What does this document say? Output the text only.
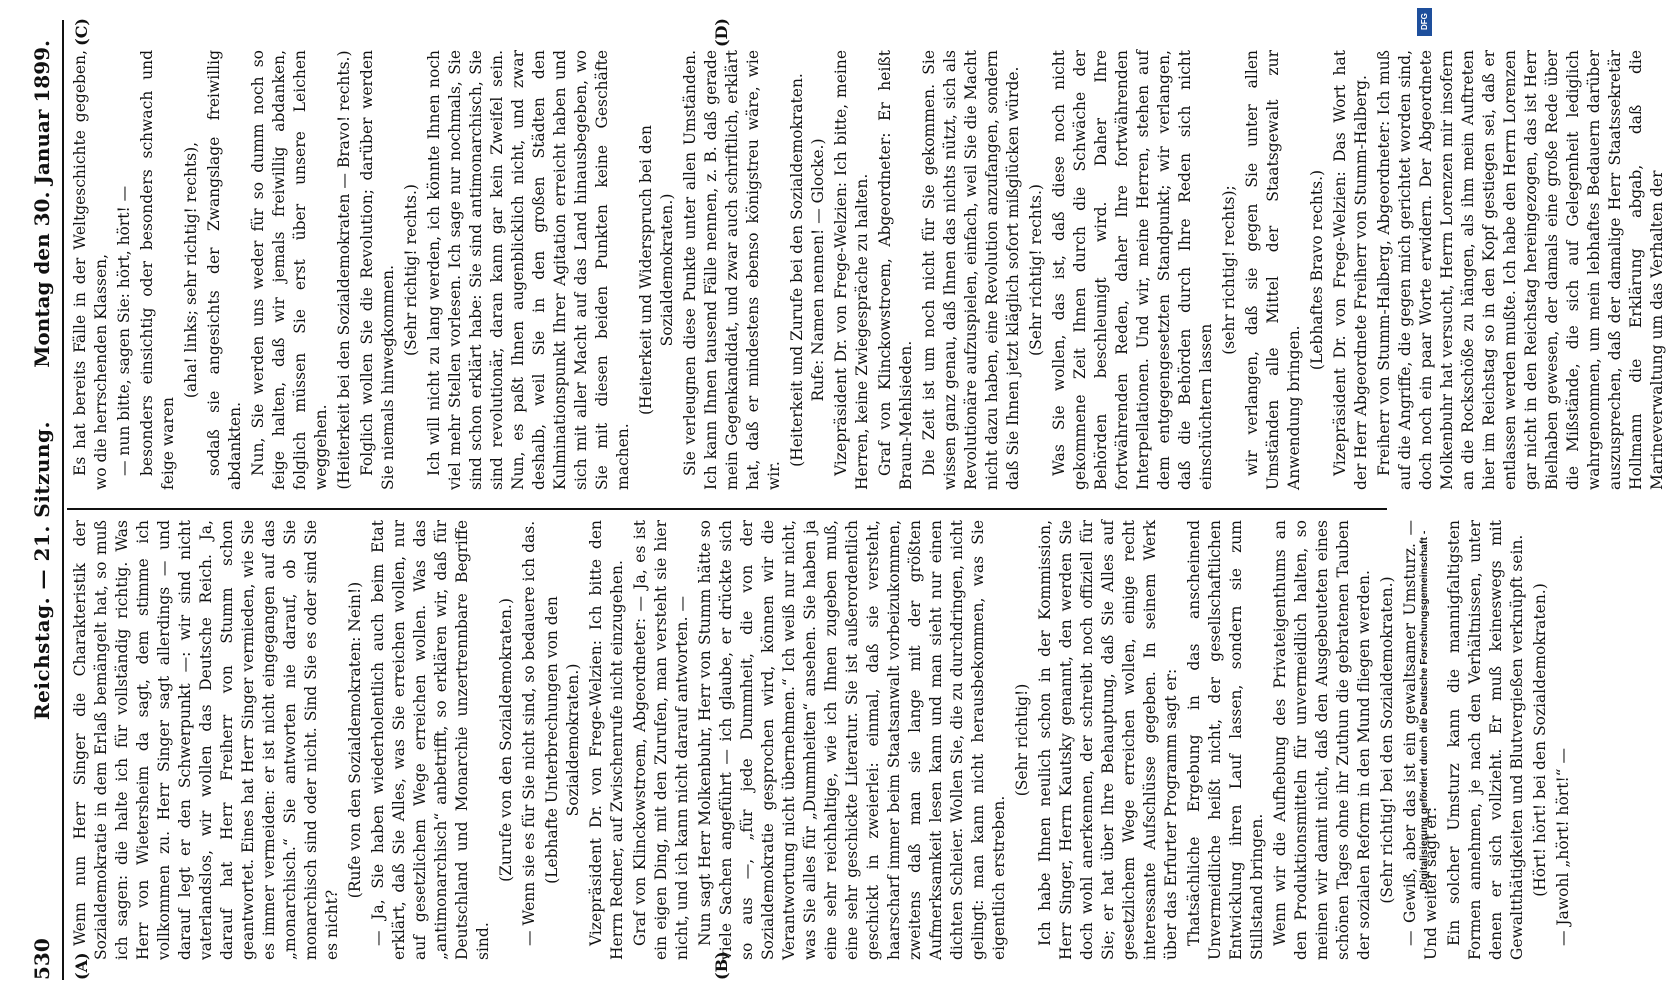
530
Reichstag. — 21. Sitzung.
Montag den 30. Januar 1899.
(A)	(B)
(C)	(D)

Wenn nun Herr Singer die Charakteristik der Sozialdemokratie in dem Erlaß bemängelt hat, so muß ich sagen: die halte ich für vollständig richtig. Was Herr von Wietersheim da sagt, dem stimme ich vollkommen zu. Herr Singer sagt allerdings — und darauf legt er den Schwerpunkt —: wir sind nicht vaterlandslos, wir wollen das Deutsche Reich. Ja, darauf hat Herr Freiherr von Stumm schon geantwortet. Eines hat Herr Singer vermieden, wie Sie es immer vermeiden: er ist nicht eingegangen auf das „monarchisch.“ Sie antworten nie darauf, ob Sie monarchisch sind oder nicht. Sind Sie es oder sind Sie es nicht?

(Rufe von den Sozialdemokraten: Nein!) — Ja, Sie haben wiederholentlich auch beim Etat erklärt, daß Sie Alles, was Sie erreichen wollen, nur auf gesetzlichem Wege erreichen wollen. Was das „antimonarchisch“ anbetrifft, so erklären wir, daß für Deutschland und Monarchie unzertrennbare Begriffe sind.

(Zurufe von den Sozialdemokraten.) — Wenn sie es für Sie nicht sind, so bedauere ich das. (Lebhafte Unterbrechungen von den Sozialdemokraten.) Vizepräsident Dr. von Frege-Welzien: Ich bitte den Herrn Redner, auf Zwischenrufe nicht einzugehen. Graf von Klinckowstroem, Abgeordneter: — Ja, es ist ein eigen Ding, mit den Zurufen, man versteht sie hier nicht, und ich kann nicht darauf antworten. — Nun sagt Herr Molkenbuhr, Herr von Stumm hätte so viele Sachen angeführt — ich glaube, er drückte sich so aus —, „für jede Dummheit, die von der Sozialdemokratie gesprochen wird, können wir die Verantwortung nicht übernehmen.“ Ich weiß nur nicht, was Sie alles für „Dummheiten“ ansehen. Sie haben ja eine sehr reichhaltige, wie ich Ihnen zugeben muß, eine sehr geschickte Literatur. Sie ist außerordentlich geschickt in zweierlei: einmal, daß sie versteht, haarscharf immer beim Staatsanwalt vorbeizukommen, zweitens daß man sie lange mit der größten Aufmerksamkeit lesen kann und man sieht nur einen dichten Schleier. Wollen Sie, die zu durchdringen, nicht gelingt: man kann nicht herausbekommen, was Sie eigentlich erstreben.

(Sehr richtig!) Ich habe Ihnen neulich schon in der Kommission, Herr Singer, Herrn Kautsky genannt, den werden Sie doch wohl anerkennen, der schreibt noch offiziell für Sie; er hat über Ihre Behauptung, daß Sie Alles auf gesetzlichem Wege erreichen wollen, einige recht interessante Aufschlüsse gegeben. In seinem Werk über das Erfurter Programm sagt er: Thatsächliche Ergebung in das anscheinend Unvermeidliche heißt nicht, der gesellschaftlichen Entwicklung ihren Lauf lassen, sondern sie zum Stillstand bringen. Wenn wir die Aufhebung des Privateigenthums an den Produktionsmitteln für unvermeidlich halten, so meinen wir damit nicht, daß den Ausgebeuteten eines schönen Tages ohne ihr Zuthun die gebratenen Tauben der sozialen Reform in den Mund fliegen werden. (Sehr richtig! bei den Sozialdemokraten.) — Gewiß, aber das ist ein gewaltsamer Umsturz. — Und weiter sagt er: Ein solcher Umsturz kann die mannigfaltigsten Formen annehmen, je nach den Verhältnissen, unter denen er sich vollzieht. Er muß keineswegs mit Gewaltthätigkeiten und Blutvergießen verknüpft sein. (Hört! hört! bei den Sozialdemokraten.) — Jawohl „hört! hört!“ —

Es hat bereits Fälle in der Weltgeschichte gegeben, wo die herrschenden Klassen, — nun bitte, sagen Sie: hört, hört! — besonders einsichtig oder besonders schwach und feige waren

(aha! links; sehr richtig! rechts), sodaß sie angesichts der Zwangslage freiwillig abdankten. Nun, Sie werden uns weder für so dumm noch so feige halten, daß wir jemals freiwillig abdanken, folglich müssen Sie erst über unsere Leichen weggehen. (Heiterkeit bei den Sozialdemokraten — Bravo! rechts.) Folglich wollen Sie die Revolution; darüber werden Sie niemals hinwegkommen. (Sehr richtig! rechts.) Ich will nicht zu lang werden, ich könnte Ihnen noch viel mehr Stellen vorlesen. Ich sage nur nochmals, Sie sind schon erklärt habe: Sie sind antimonarchisch, Sie sind revolutionär, daran kann gar kein Zweifel sein. Nun, es paßt Ihnen augenblicklich nicht, und zwar deshalb, weil Sie in den großen Städten den Kulminationspunkt Ihrer Agitation erreicht haben und sich mit aller Macht auf das Land hinausbegeben, wo Sie mit diesen beiden Punkten keine Geschäfte machen.

(Heiterkeit und Widerspruch bei den Sozialdemokraten.) Sie verleugnen diese Punkte unter allen Umständen. Ich kann Ihnen tausend Fälle nennen, z. B. daß gerade mein Gegenkandidat, und zwar auch schriftlich, erklärt hat, daß er mindestens ebenso königstreu wäre, wie wir.

(Heiterkeit und Zurufe bei den Sozialdemokraten. Rufe: Namen nennen! — Glocke.) Vizepräsident Dr. von Frege-Welzien: Ich bitte, meine Herren, keine Zwiegespräche zu halten. Graf von Klinckowstroem, Abgeordneter: Er heißt Braun-Mehlsieden. Die Zeit ist um noch nicht für Sie gekommen. Sie wissen ganz genau, daß Ihnen das nichts nützt, sich als Revolutionäre aufzuspielen, einfach, weil Sie die Macht nicht dazu haben, eine Revolution anzufangen, sondern daß Sie Ihnen jetzt kläglich sofort mißglücken würde. (Sehr richtig! rechts.) Was Sie wollen, das ist, daß diese noch nicht gekommene Zeit Ihnen durch die Schwäche der Behörden beschleunigt wird. Daher Ihre fortwährenden Reden, daher Ihre fortwährenden Interpellationen. Und wir, meine Herren, stehen auf dem entgegengesetzten Standpunkt; wir verlangen, daß die Behörden durch Ihre Reden sich nicht einschüchtern lassen

(sehr richtig! rechts); wir verlangen, daß sie gegen Sie unter allen Umständen alle Mittel der Staatsgewalt zur Anwendung bringen.

(Lebhaftes Bravo rechts.) Vizepräsident Dr. von Frege-Welzien: Das Wort hat der Herr Abgeordnete Freiherr von Stumm-Halberg. Freiherr von Stumm-Halberg, Abgeordneter: Ich muß auf die Angriffe, die gegen mich gerichtet worden sind, doch noch ein paar Worte erwidern. Der Abgeordnete Molkenbuhr hat versucht, Herrn Lorenzen mir insofern an die Rockschöße zu hängen, als ihm mein Auftreten hier im Reichstag so in den Kopf gestiegen sei, daß er entlassen werden mußte. Ich habe den Herrn Lorenzen gar nicht in den Reichstag hereingezogen, das ist Herr Bielhaben gewesen, der damals eine große Rede über die Mißstände, die sich auf Gelegenheit lediglich wahrgenommen, um mein lebhaftes Bedauern darüber auszusprechen, daß der damalige Herr Staatssekretär Hollmann die Erklärung abgab, daß die Marineverwaltung um das Verhalten der

Digitalisierung gefördert durch die Deutsche Forschungsgemeinschaft -
DFG
